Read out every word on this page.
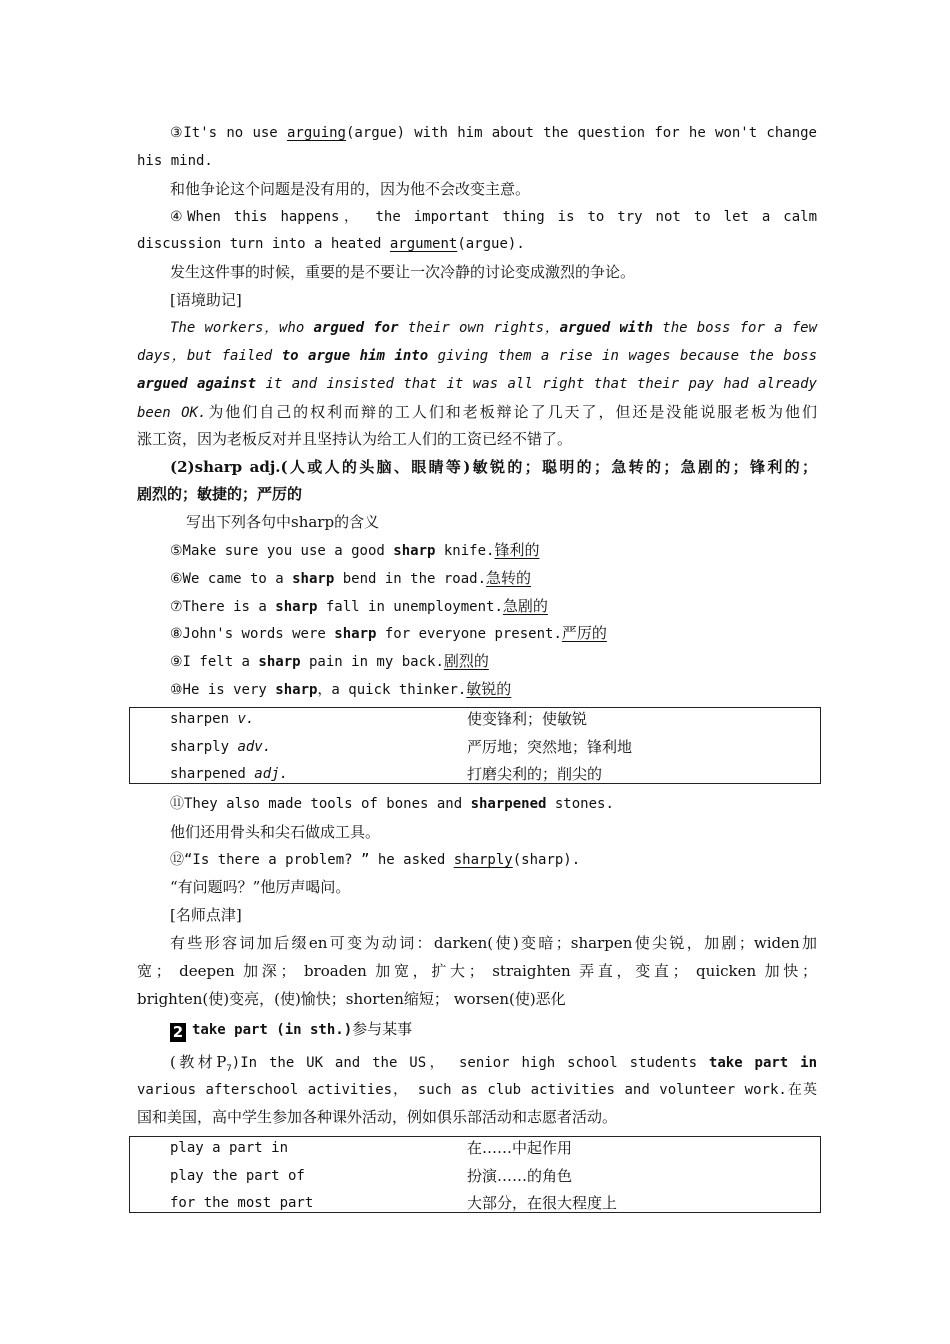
③It's no use arguing(argue) with him about the question for he won't change
his mind.
和他争论这个问题是没有用的，因为他不会改变主意。
④When this happens， the important thing is to try not to let a calm
discussion turn into a heated argument(argue).
发生这件事的时候，重要的是不要让一次冷静的讨论变成激烈的争论。
[语境助记]
The workers，who argued for their own rights，argued with the boss for a few
days，but failed to argue him into giving them a rise in wages because the boss
argued against it and insisted that it was all right that their pay had already
been OK.为他们自己的权利而辩的工人们和老板辩论了几天了，但还是没能说服老板为他们
涨工资，因为老板反对并且坚持认为给工人们的工资已经不错了。
(2)sharp adj.(人或人的头脑、眼睛等)敏锐的；聪明的；急转的；急剧的；锋利的；
剧烈的；敏捷的；严厉的
写出下列各句中sharp的含义
⑤Make sure you use a good sharp knife.锋利的
⑥We came to a sharp bend in the road.急转的
⑦There is a sharp fall in unemployment.急剧的
⑧John's words were sharp for everyone present.严厉的
⑨I felt a sharp pain in my back.剧烈的
⑩He is very sharp，a quick thinker.敏锐的
sharpen v.	使变锋利；使敏锐
sharply adv.	严厉地；突然地；锋利地
sharpened adj.	打磨尖利的；削尖的
⑪They also made tools of bones and sharpened stones.
他们还用骨头和尖石做成工具。
⑫“Is there a problem? ” he asked sharply(sharp).
“有问题吗？”他厉声喝问。
[名师点津]
有些形容词加后缀en可变为动词：darken(使)变暗；sharpen使尖锐，加剧；widen加
宽； deepen 加深； broaden 加宽，扩大； straighten 弄直，变直； quicken 加快；
brighten(使)变亮，(使)愉快；shorten缩短； worsen(使)恶化
2 take part (in sth.)参与某事
(教材$P_7)In$ the UK and the US， senior high school students take part in
various afterschool activities， such as club activities and volunteer work.在英
国和美国，高中学生参加各种课外活动，例如俱乐部活动和志愿者活动。
play a part in	在……中起作用
play the part of	扮演……的角色
for the most part	大部分，在很大程度上
